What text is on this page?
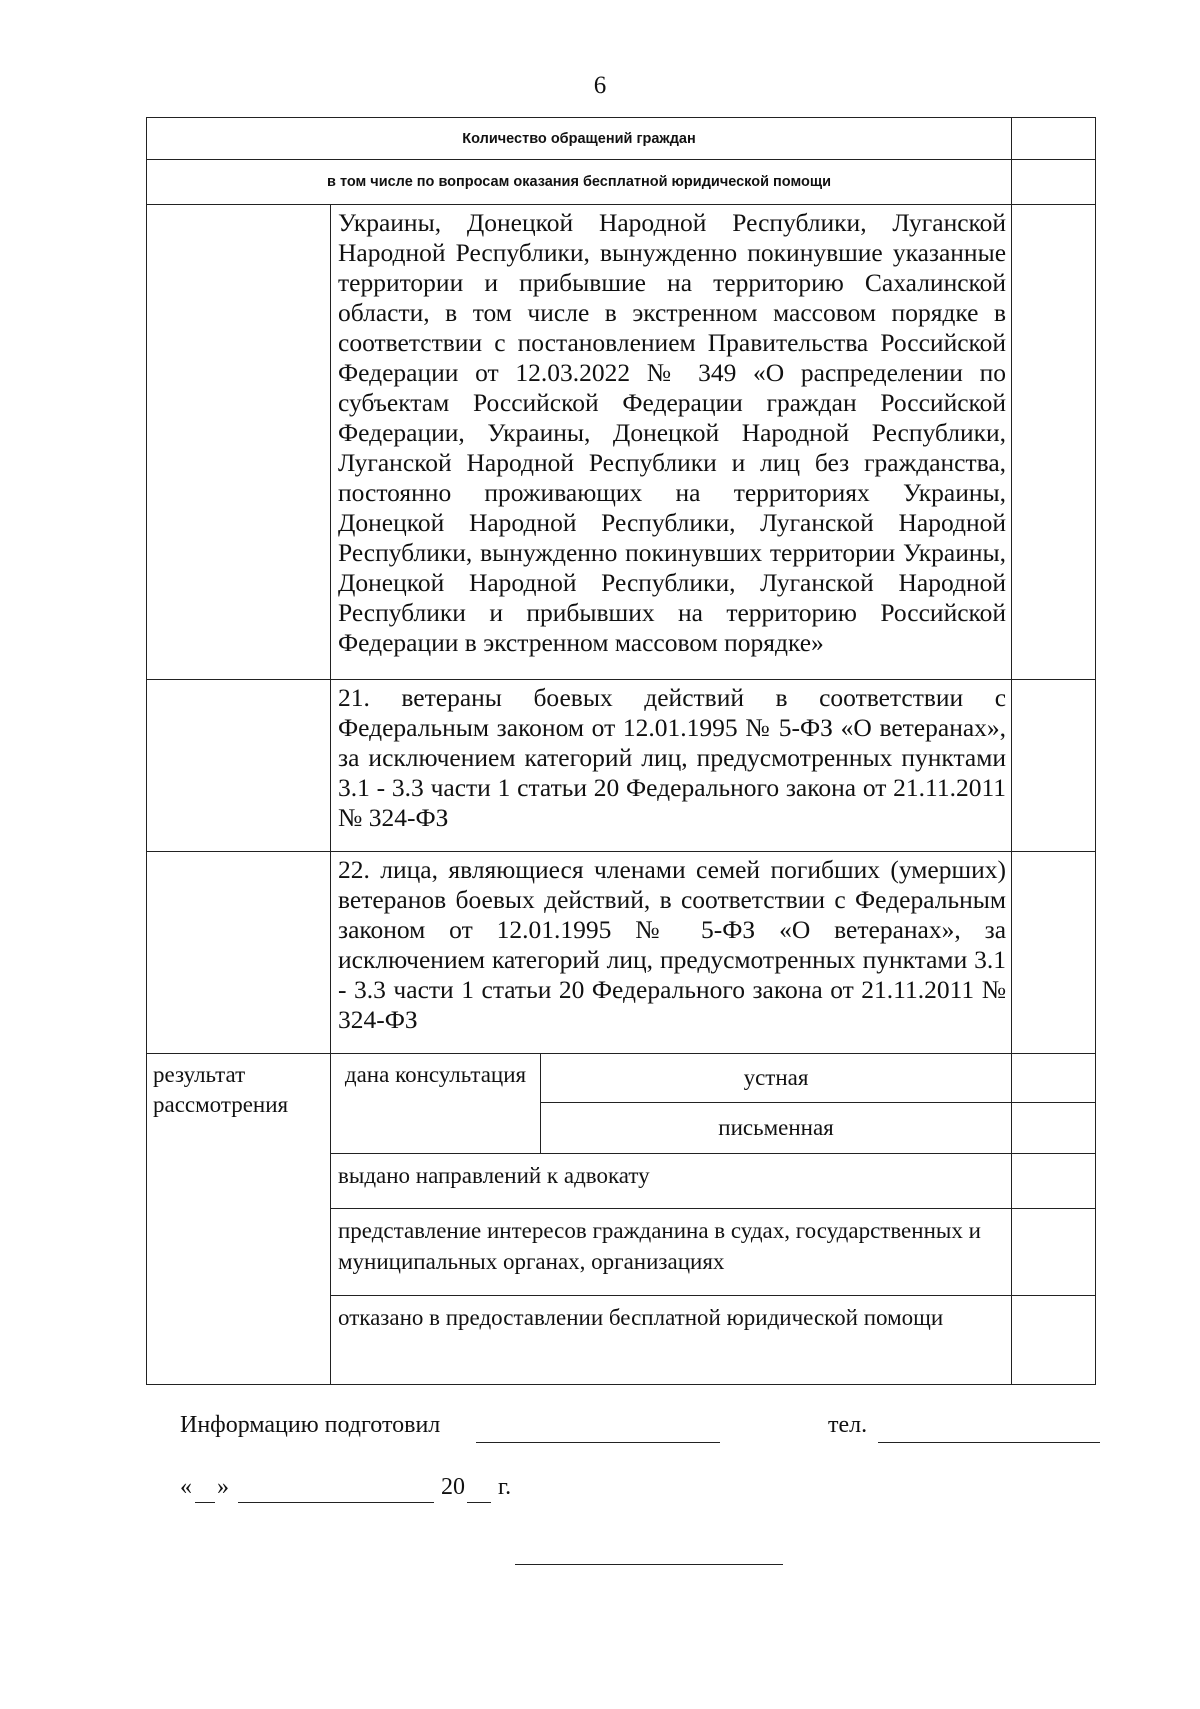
6
Количество обращений граждан			
в том числе по вопросам оказания бесплатной юридической помощи			
	Украины, Донецкой Народной Республики, Луганской Народной Республики, вынужденно покинувшие указанные территории и прибывшие на территорию Сахалинской области, в том числе в экстренном массовом порядке в соответствии с постановлением Правительства Российской Федерации от 12.03.2022 № 349 «О распределении по субъектам Российской Федерации граждан Российской Федерации, Украины, Донецкой Народной Республики, Луганской Народной Республики и лиц без гражданства, постоянно проживающих на территориях Украины, Донецкой Народной Республики, Луганской Народной Республики, вынужденно покинувших территории Украины, Донецкой Народной Республики, Луганской Народной Республики и прибывших на территорию Российской Федерации в экстренном массовом порядке»		
	21. ветераны боевых действий в соответствии с Федеральным законом от 12.01.1995 № 5-ФЗ «О ветеранах», за исключением категорий лиц, предусмотренных пунктами 3.1 - 3.3 части 1 статьи 20 Федерального закона от 21.11.2011 № 324-ФЗ		
	22. лица, являющиеся членами семей погибших (умерших) ветеранов боевых действий, в соответствии с Федеральным законом от 12.01.1995 № 5-ФЗ «О ветеранах», за исключением категорий лиц, предусмотренных пунктами 3.1 - 3.3 части 1 статьи 20 Федерального закона от 21.11.2011 № 324-ФЗ		
результат рассмотрения	дана консультация	устная	
		письменная	
	выдано направлений к адвокату		
	представление интересов гражданина в судах, государственных и муниципальных органах, организациях		
	отказано в предоставлении бесплатной юридической помощи		
Информацию подготовил	тел.
« »	20 г.
